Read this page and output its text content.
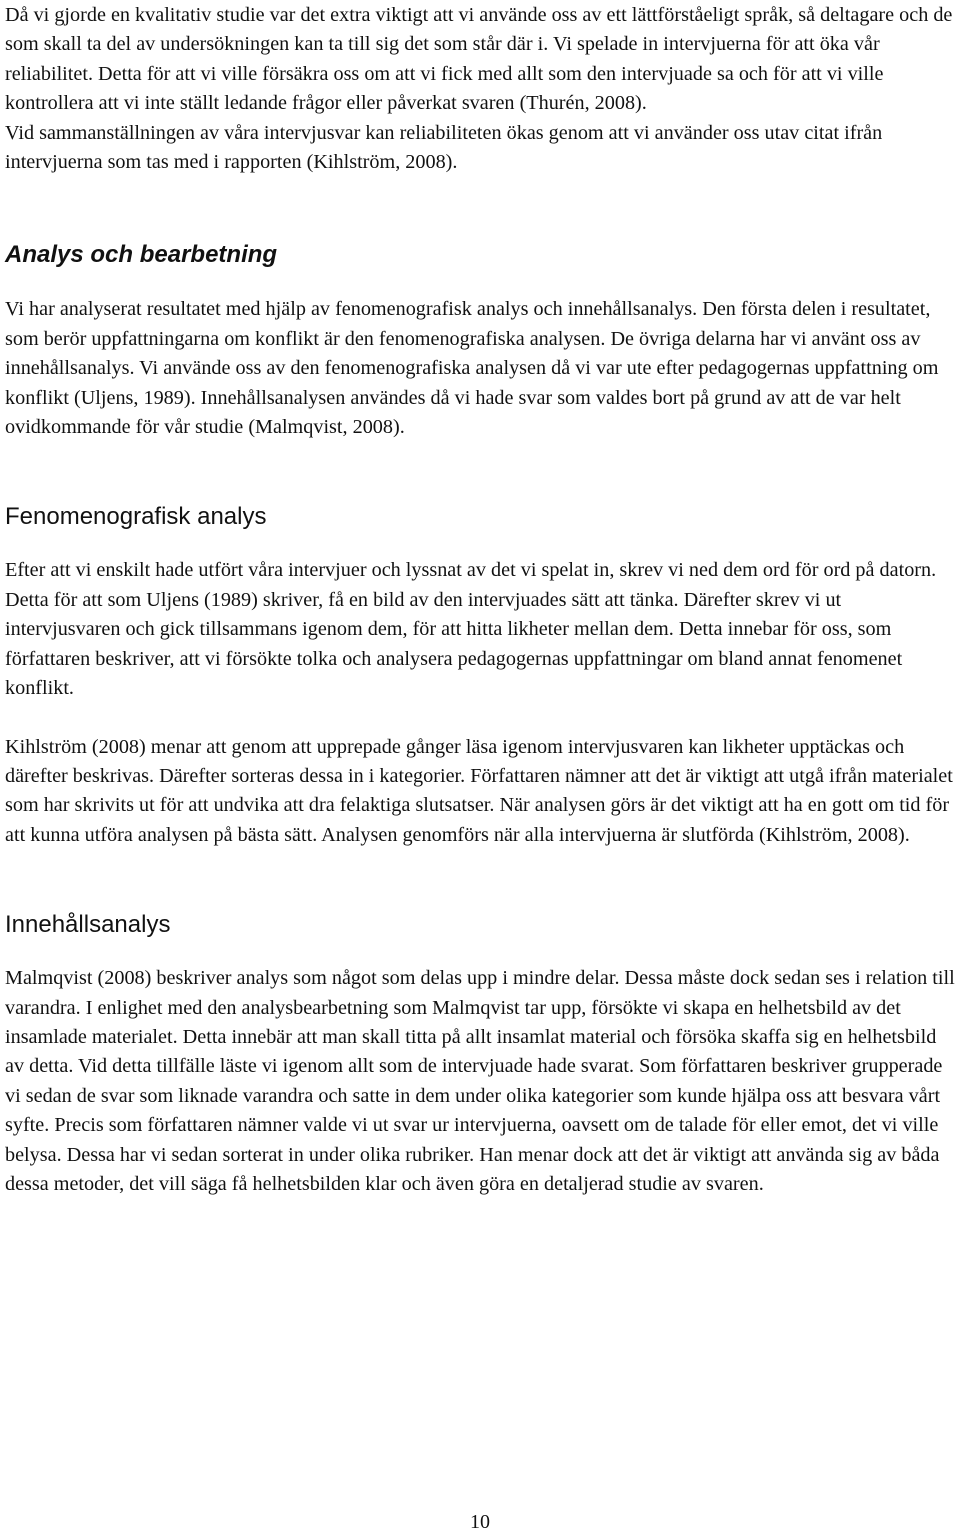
Då vi gjorde en kvalitativ studie var det extra viktigt att vi använde oss av ett lättförståeligt språk, så deltagare och de som skall ta del av undersökningen kan ta till sig det som står där i. Vi spelade in intervjuerna för att öka vår reliabilitet. Detta för att vi ville försäkra oss om att vi fick med allt som den intervjuade sa och för att vi ville kontrollera att vi inte ställt ledande frågor eller påverkat svaren (Thurén, 2008).

Vid sammanställningen av våra intervjusvar kan reliabiliteten ökas genom att vi använder oss utav citat ifrån intervjuerna som tas med i rapporten (Kihlström, 2008).

Analys och bearbetning

Vi har analyserat resultatet med hjälp av fenomenografisk analys och innehållsanalys. Den första delen i resultatet, som berör uppfattningarna om konflikt är den fenomenografiska analysen. De övriga delarna har vi använt oss av innehållsanalys. Vi använde oss av den fenomenografiska analysen då vi var ute efter pedagogernas uppfattning om konflikt (Uljens, 1989). Innehållsanalysen användes då vi hade svar som valdes bort på grund av att de var helt ovidkommande för vår studie (Malmqvist, 2008).

Fenomenografisk analys

Efter att vi enskilt hade utfört våra intervjuer och lyssnat av det vi spelat in, skrev vi ned dem ord för ord på datorn. Detta för att som Uljens (1989) skriver, få en bild av den intervjuades sätt att tänka. Därefter skrev vi ut intervjusvaren och gick tillsammans igenom dem, för att hitta likheter mellan dem. Detta innebar för oss, som författaren beskriver, att vi försökte tolka och analysera pedagogernas uppfattningar om bland annat fenomenet konflikt.

Kihlström (2008) menar att genom att upprepade gånger läsa igenom intervjusvaren kan likheter upptäckas och därefter beskrivas. Därefter sorteras dessa in i kategorier. Författaren nämner att det är viktigt att utgå ifrån materialet som har skrivits ut för att undvika att dra felaktiga slutsatser. När analysen görs är det viktigt att ha en gott om tid för att kunna utföra analysen på bästa sätt. Analysen genomförs när alla intervjuerna är slutförda (Kihlström, 2008).

Innehållsanalys

Malmqvist (2008) beskriver analys som något som delas upp i mindre delar. Dessa måste dock sedan ses i relation till varandra. I enlighet med den analysbearbetning som Malmqvist tar upp, försökte vi skapa en helhetsbild av det insamlade materialet. Detta innebär att man skall titta på allt insamlat material och försöka skaffa sig en helhetsbild av detta. Vid detta tillfälle läste vi igenom allt som de intervjuade hade svarat. Som författaren beskriver grupperade vi sedan de svar som liknade varandra och satte in dem under olika kategorier som kunde hjälpa oss att besvara vårt syfte. Precis som författaren nämner valde vi ut svar ur intervjuerna, oavsett om de talade för eller emot, det vi ville belysa. Dessa har vi sedan sorterat in under olika rubriker. Han menar dock att det är viktigt att använda sig av båda dessa metoder, det vill säga få helhetsbilden klar och även göra en detaljerad studie av svaren.

10
